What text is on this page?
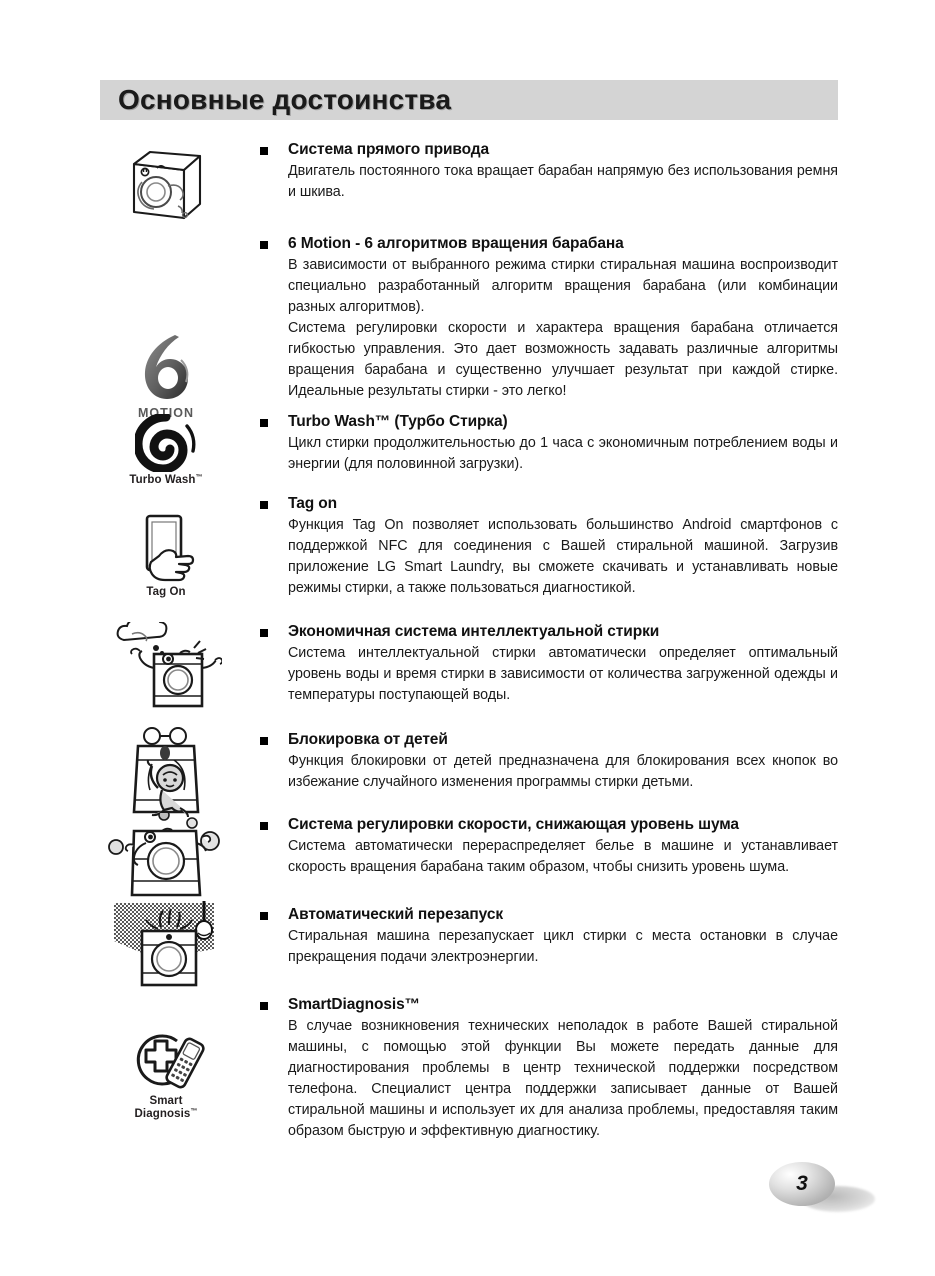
Основные достоинства
Система прямого привода

Двигатель постоянного тока вращает барабан напрямую без использования ремня и шкива.

MOTION
6 Motion - 6 алгоритмов вращения барабана

В зависимости от выбранного режима стирки стиральная машина воспроизводит специально разработанный алгоритм вращения барабана (или комбинации разных алгоритмов).

Система регулировки скорости и характера вращения барабана отличается гибкостью управления. Это дает возможность задавать различные алгоритмы вращения барабана и существенно улучшает результат при каждой стирке. Идеальные результаты стирки - это легко!

Turbo Wash™
Turbo Wash™ (Турбо Стирка)

Цикл стирки продолжительностью до 1 часа с экономичным потреблением воды и энергии (для половинной загрузки).

Tag On
Tag on

Функция Tag On позволяет использовать большинство Android смартфонов с поддержкой NFC для соединения с Вашей стиральной машиной. Загрузив приложение LG Smart Laundry, вы сможете скачивать и устанавливать новые режимы стирки, а также пользоваться диагностикой.

Экономичная система интеллектуальной стирки

Система интеллектуальной стирки автоматически определяет оптимальный уровень воды и время стирки в зависимости от количества загруженной одежды и температуры поступающей воды.

Блокировка от детей

Функция блокировки от детей предназначена для блокирования всех кнопок во избежание случайного изменения программы стирки детьми.

Система регулировки скорости, снижающая уровень шума

Система автоматически перераспределяет белье в машине и устанавливает скорость вращения барабана таким образом, чтобы снизить уровень шума.

Автоматический перезапуск

Стиральная машина перезапускает цикл стирки с места остановки в случае прекращения подачи электроэнергии.

Smart
Diagnosis™
SmartDiagnosis™

В случае возникновения технических неполадок в работе Вашей стиральной машины, с помощью этой функции Вы можете передать данные для диагностирования проблемы в центр технической поддержки посредством телефона. Специалист центра поддержки записывает данные от Вашей стиральной машины и использует их для анализа проблемы, предоставляя таким образом быструю и эффективную диагностику.

3
